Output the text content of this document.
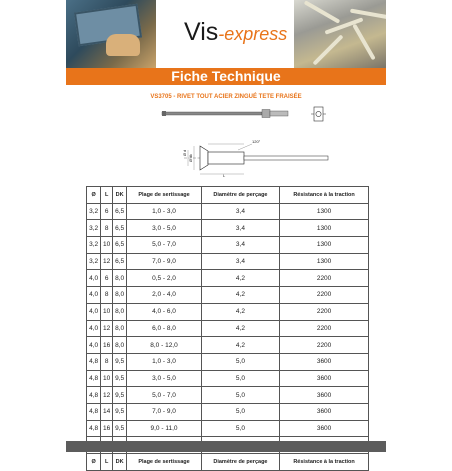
Vis-express
Fiche Technique
VS3705 - RIVET TOUT ACIER ZINGUÉ TETE FRAISÉE
120°
Ø d
Ø dk
L
Ø	L	DK	Plage de sertissage	Diamètre de perçage	Résistance à la traction
3,2	6	6,5	1,0 - 3,0	3,4	1300
3,2	8	6,5	3,0 - 5,0	3,4	1300
3,2	10	6,5	5,0 - 7,0	3,4	1300
3,2	12	6,5	7,0 - 9,0	3,4	1300
4,0	6	8,0	0,5 - 2,0	4,2	2200
4,0	8	8,0	2,0 - 4,0	4,2	2200
4,0	10	8,0	4,0 - 6,0	4,2	2200
4,0	12	8,0	6,0 - 8,0	4,2	2200
4,0	16	8,0	8,0 - 12,0	4,2	2200
4,8	8	9,5	1,0 - 3,0	5,0	3600
4,8	10	9,5	3,0 - 5,0	5,0	3600
4,8	12	9,5	5,0 - 7,0	5,0	3600
4,8	14	9,5	7,0 - 9,0	5,0	3600
4,8	16	9,5	9,0 - 11,0	5,0	3600

Ø	L	DK	Plage de sertissage	Diamètre de perçage	Résistance à la traction
